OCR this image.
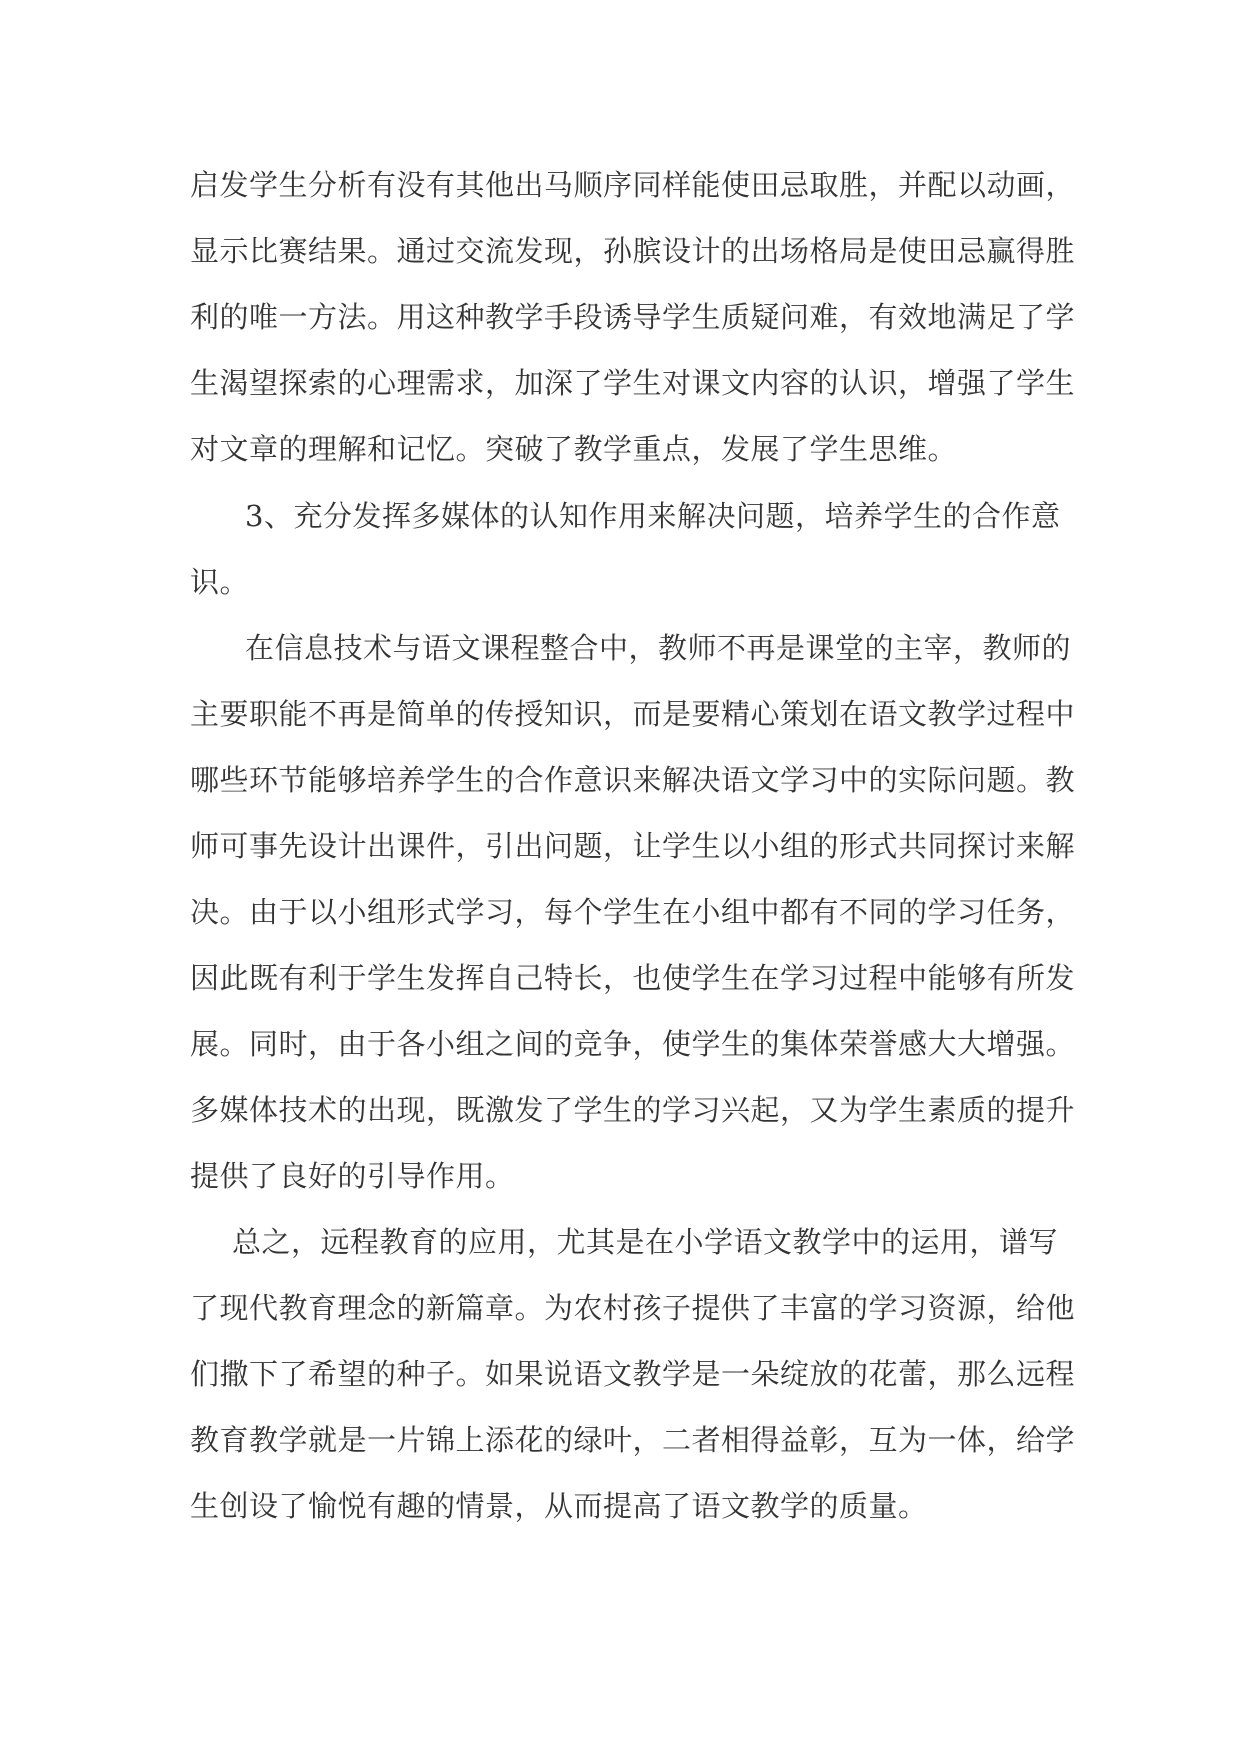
启发学生分析有没有其他出马顺序同样能使田忌取胜，并配以动画，
显示比赛结果。通过交流发现，孙膑设计的出场格局是使田忌赢得胜
利的唯一方法。用这种教学手段诱导学生质疑问难，有效地满足了学
生渴望探索的心理需求，加深了学生对课文内容的认识，增强了学生
对文章的理解和记忆。突破了教学重点，发展了学生思维。
3、充分发挥多媒体的认知作用来解决问题，培养学生的合作意
识。
在信息技术与语文课程整合中，教师不再是课堂的主宰，教师的
主要职能不再是简单的传授知识，而是要精心策划在语文教学过程中
哪些环节能够培养学生的合作意识来解决语文学习中的实际问题。教
师可事先设计出课件，引出问题，让学生以小组的形式共同探讨来解
决。由于以小组形式学习，每个学生在小组中都有不同的学习任务，
因此既有利于学生发挥自己特长，也使学生在学习过程中能够有所发
展。同时，由于各小组之间的竞争，使学生的集体荣誉感大大增强。
多媒体技术的出现，既激发了学生的学习兴起，又为学生素质的提升
提供了良好的引导作用。
总之，远程教育的应用，尤其是在小学语文教学中的运用，谱写
了现代教育理念的新篇章。为农村孩子提供了丰富的学习资源，给他
们撒下了希望的种子。如果说语文教学是一朵绽放的花蕾，那么远程
教育教学就是一片锦上添花的绿叶，二者相得益彰，互为一体，给学
生创设了愉悦有趣的情景，从而提高了语文教学的质量。
